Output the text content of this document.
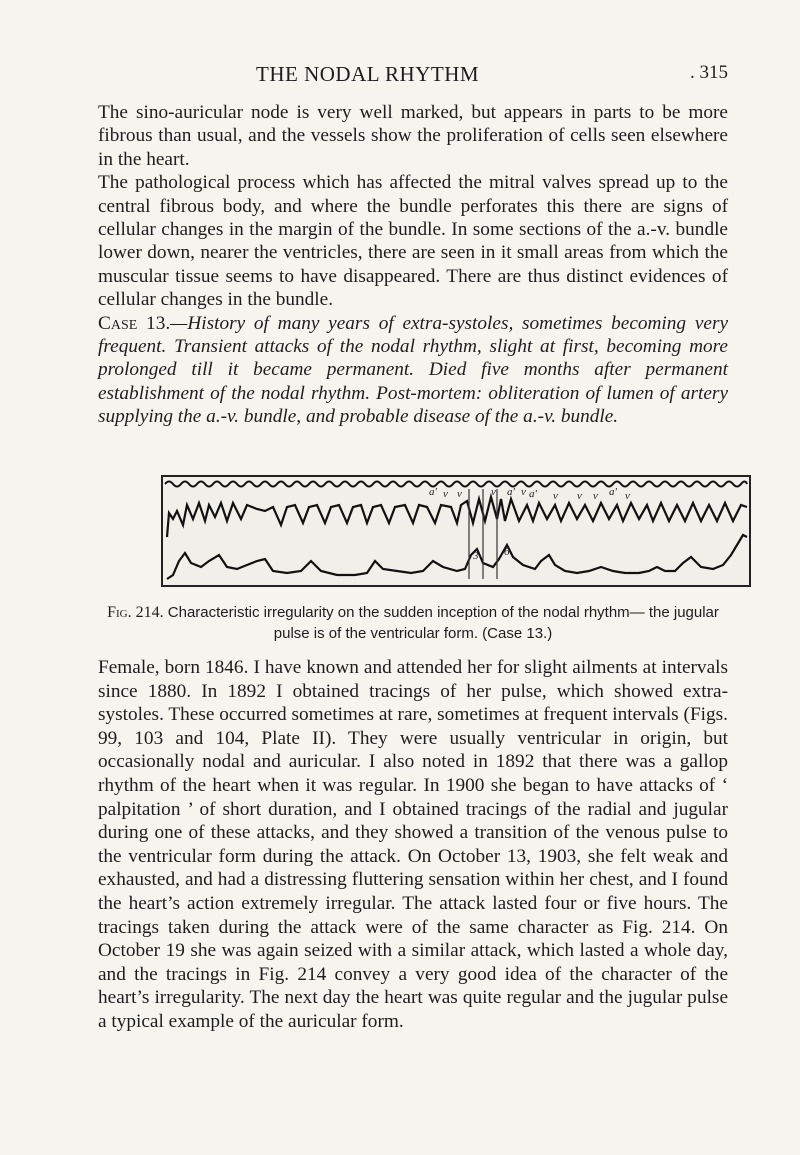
THE NODAL RHYTHM	. 315

The sino-auricular node is very well marked, but appears in parts to be more fibrous than usual, and the vessels show the proliferation of cells seen elsewhere in the heart.

The pathological process which has affected the mitral valves spread up to the central fibrous body, and where the bundle perforates this there are signs of cellular changes in the margin of the bundle. In some sections of the a.-v. bundle lower down, nearer the ventricles, there are seen in it small areas from which the muscular tissue seems to have disappeared. There are thus distinct evidences of cellular changes in the bundle.

Case 13.—History of many years of extra-systoles, sometimes becoming very frequent. Transient attacks of the nodal rhythm, slight at first, becoming more prolonged till it became permanent. Died five months after permanent establishment of the nodal rhythm. Post-mortem: obliteration of lumen of artery supplying the a.-v. bundle, and probable disease of the a.-v. bundle.

a' v v	v a' v a' v v v a' v
3 6
Fig. 214. Characteristic irregularity on the sudden inception of the nodal rhythm— the jugular pulse is of the ventricular form. (Case 13.)

Female, born 1846. I have known and attended her for slight ailments at intervals since 1880. In 1892 I obtained tracings of her pulse, which showed extra-systoles. These occurred sometimes at rare, sometimes at frequent intervals (Figs. 99, 103 and 104, Plate II). They were usually ventricular in origin, but occasionally nodal and auricular. I also noted in 1892 that there was a gallop rhythm of the heart when it was regular. In 1900 she began to have attacks of ‘ palpitation ’ of short duration, and I obtained tracings of the radial and jugular during one of these attacks, and they showed a transition of the venous pulse to the ventricular form during the attack. On October 13, 1903, she felt weak and exhausted, and had a distressing fluttering sensation within her chest, and I found the heart’s action extremely irregular. The attack lasted four or five hours. The tracings taken during the attack were of the same character as Fig. 214. On October 19 she was again seized with a similar attack, which lasted a whole day, and the tracings in Fig. 214 convey a very good idea of the character of the heart’s irregularity. The next day the heart was quite regular and the jugular pulse a typical example of the auricular form.
